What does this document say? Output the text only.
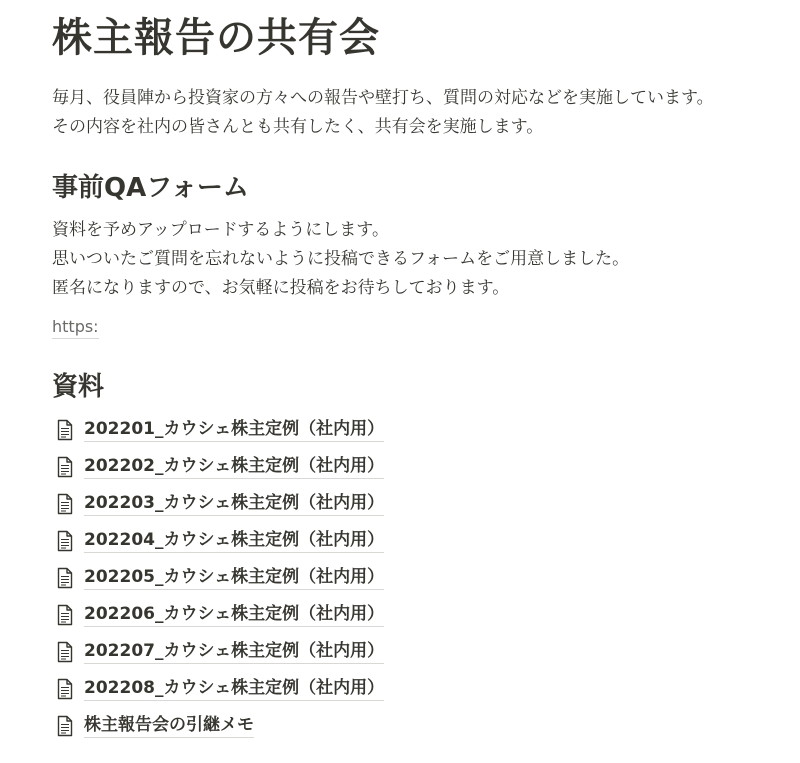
株主報告の共有会

毎月、役員陣から投資家の方々への報告や壁打ち、質問の対応などを実施しています。

その内容を社内の皆さんとも共有したく、共有会を実施します。

事前QAフォーム

資料を予めアップロードするようにします。

思いついたご質問を忘れないように投稿できるフォームをご用意しました。

匿名になりますので、お気軽に投稿をお待ちしております。

https:
資料
202201_カウシェ株主定例（社内用）
202202_カウシェ株主定例（社内用）
202203_カウシェ株主定例（社内用）
202204_カウシェ株主定例（社内用）
202205_カウシェ株主定例（社内用）
202206_カウシェ株主定例（社内用）
202207_カウシェ株主定例（社内用）
202208_カウシェ株主定例（社内用）
株主報告会の引継メモ
